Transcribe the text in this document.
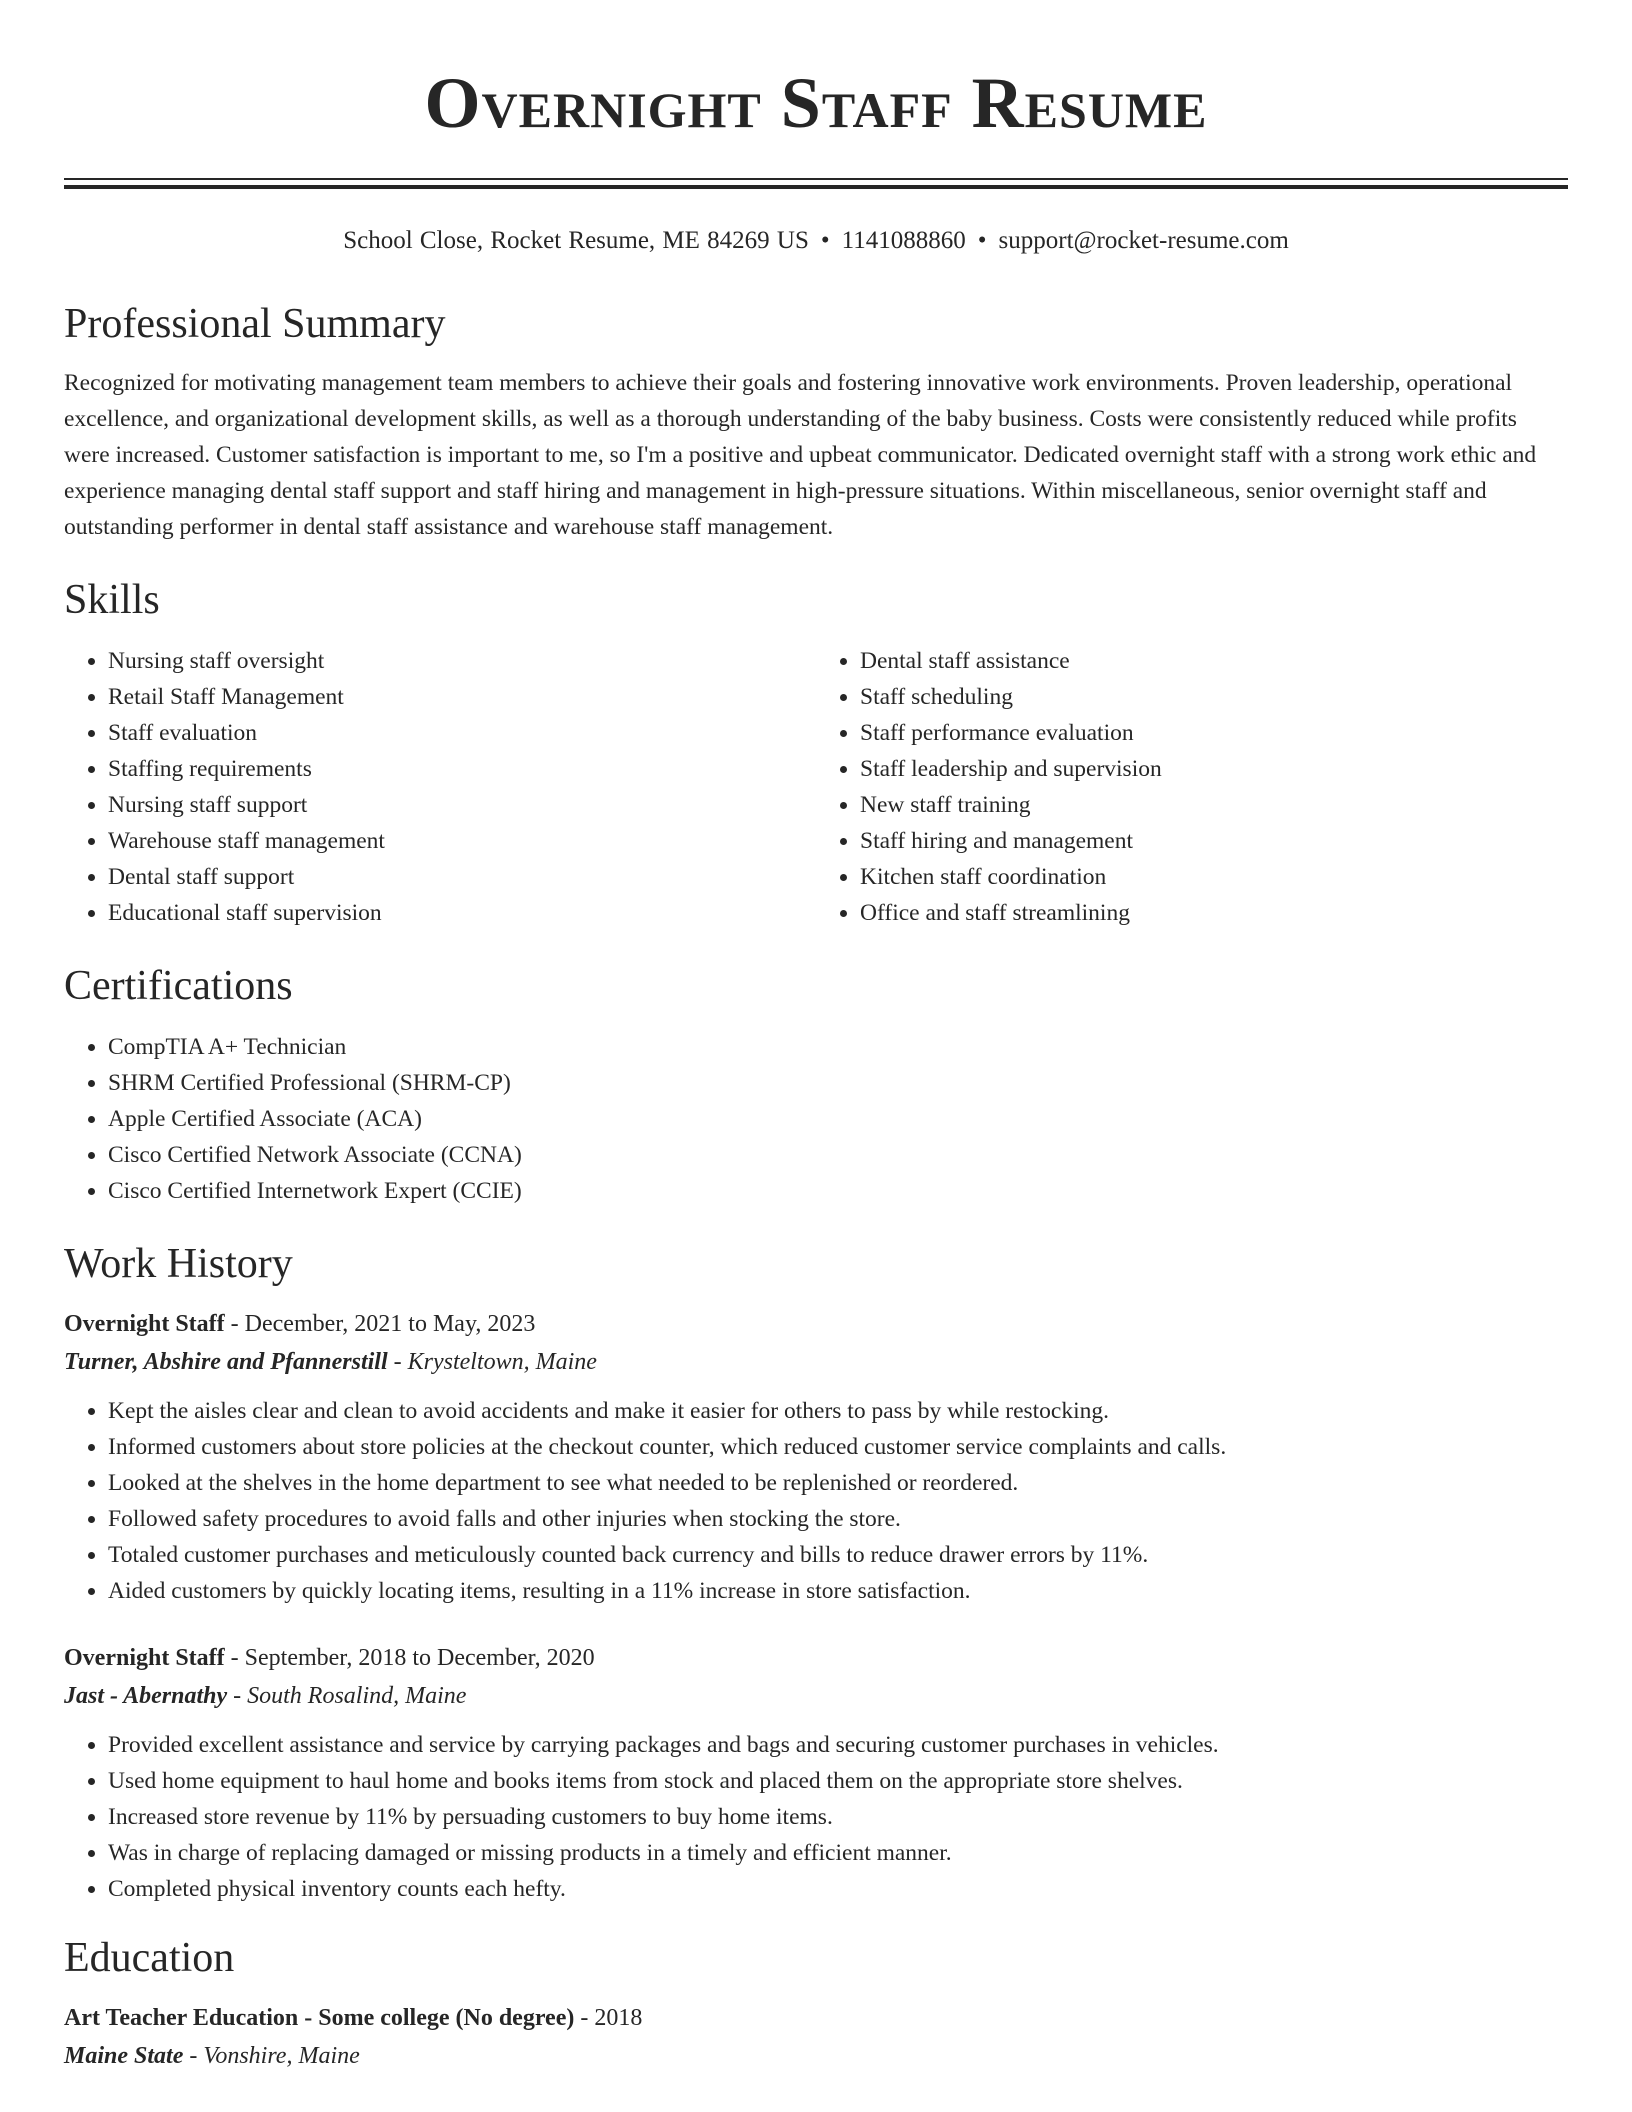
Overnight Staff Resume
School Close, Rocket Resume, ME 84269 US • 1141088860 • support@rocket-resume.com
Professional Summary

Recognized for motivating management team members to achieve their goals and fostering innovative work environments. Proven leadership, operational excellence, and organizational development skills, as well as a thorough understanding of the baby business. Costs were consistently reduced while profits were increased. Customer satisfaction is important to me, so I'm a positive and upbeat communicator. Dedicated overnight staff with a strong work ethic and experience managing dental staff support and staff hiring and management in high-pressure situations. Within miscellaneous, senior overnight staff and outstanding performer in dental staff assistance and warehouse staff management.

Skills
• Nursing staff oversight
• Retail Staff Management
• Staff evaluation
• Staffing requirements
• Nursing staff support
• Warehouse staff management
• Dental staff support
• Educational staff supervision
• Dental staff assistance
• Staff scheduling
• Staff performance evaluation
• Staff leadership and supervision
• New staff training
• Staff hiring and management
• Kitchen staff coordination
• Office and staff streamlining
Certifications
• CompTIA A+ Technician
• SHRM Certified Professional (SHRM-CP)
• Apple Certified Associate (ACA)
• Cisco Certified Network Associate (CCNA)
• Cisco Certified Internetwork Expert (CCIE)
Work History

Overnight Staff - December, 2021 to May, 2023

Turner, Abshire and Pfannerstill - Krysteltown, Maine

• Kept the aisles clear and clean to avoid accidents and make it easier for others to pass by while restocking.
• Informed customers about store policies at the checkout counter, which reduced customer service complaints and calls.
• Looked at the shelves in the home department to see what needed to be replenished or reordered.
• Followed safety procedures to avoid falls and other injuries when stocking the store.
• Totaled customer purchases and meticulously counted back currency and bills to reduce drawer errors by 11%.
• Aided customers by quickly locating items, resulting in a 11% increase in store satisfaction.

Overnight Staff - September, 2018 to December, 2020

Jast - Abernathy - South Rosalind, Maine

• Provided excellent assistance and service by carrying packages and bags and securing customer purchases in vehicles.
• Used home equipment to haul home and books items from stock and placed them on the appropriate store shelves.
• Increased store revenue by 11% by persuading customers to buy home items.
• Was in charge of replacing damaged or missing products in a timely and efficient manner.
• Completed physical inventory counts each hefty.
Education

Art Teacher Education - Some college (No degree) - 2018

Maine State - Vonshire, Maine
